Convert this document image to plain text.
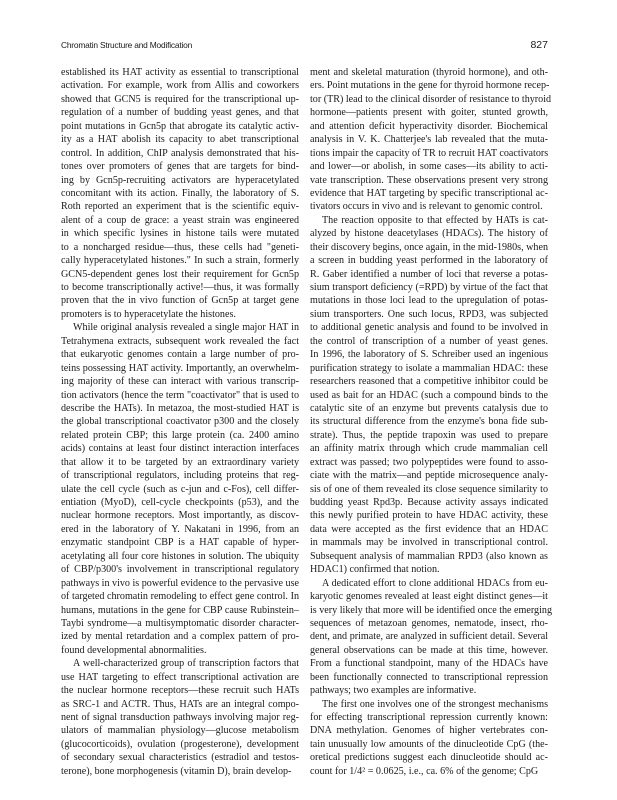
Chromatin Structure and Modification	827
established its HAT activity as essential to transcriptional
activation. For example, work from Allis and coworkers
showed that GCN5 is required for the transcriptional up-
regulation of a number of budding yeast genes, and that
point mutations in Gcn5p that abrogate its catalytic activ-
ity as a HAT abolish its capacity to abet transcriptional
control. In addition, ChIP analysis demonstrated that his-
tones over promoters of genes that are targets for bind-
ing by Gcn5p-recruiting activators are hyperacetylated
concomitant with its action. Finally, the laboratory of S.
Roth reported an experiment that is the scientific equiv-
alent of a coup de grace: a yeast strain was engineered
in which specific lysines in histone tails were mutated
to a noncharged residue—thus, these cells had "geneti-
cally hyperacetylated histones." In such a strain, formerly
GCN5-dependent genes lost their requirement for Gcn5p
to become transcriptionally active!—thus, it was formally
proven that the in vivo function of Gcn5p at target gene
promoters is to hyperacetylate the histones.
While original analysis revealed a single major HAT in
Tetrahymena extracts, subsequent work revealed the fact
that eukaryotic genomes contain a large number of pro-
teins possessing HAT activity. Importantly, an overwhelm-
ing majority of these can interact with various transcrip-
tion activators (hence the term "coactivator" that is used to
describe the HATs). In metazoa, the most-studied HAT is
the global transcriptional coactivator p300 and the closely
related protein CBP; this large protein (ca. 2400 amino
acids) contains at least four distinct interaction interfaces
that allow it to be targeted by an extraordinary variety
of transcriptional regulators, including proteins that reg-
ulate the cell cycle (such as c-jun and c-Fos), cell differ-
entiation (MyoD), cell-cycle checkpoints (p53), and the
nuclear hormone receptors. Most importantly, as discov-
ered in the laboratory of Y. Nakatani in 1996, from an
enzymatic standpoint CBP is a HAT capable of hyper-
acetylating all four core histones in solution. The ubiquity
of CBP/p300's involvement in transcriptional regulatory
pathways in vivo is powerful evidence to the pervasive use
of targeted chromatin remodeling to effect gene control. In
humans, mutations in the gene for CBP cause Rubinstein–
Taybi syndrome—a multisymptomatic disorder character-
ized by mental retardation and a complex pattern of pro-
found developmental abnormalities.
A well-characterized group of transcription factors that
use HAT targeting to effect transcriptional activation are
the nuclear hormone receptors—these recruit such HATs
as SRC-1 and ACTR. Thus, HATs are an integral compo-
nent of signal transduction pathways involving major reg-
ulators of mammalian physiology—glucose metabolism
(glucocorticoids), ovulation (progesterone), development
of secondary sexual characteristics (estradiol and testos-
terone), bone morphogenesis (vitamin D), brain develop-
ment and skeletal maturation (thyroid hormone), and oth-
ers. Point mutations in the gene for thyroid hormone recep-
tor (TR) lead to the clinical disorder of resistance to thyroid
hormone—patients present with goiter, stunted growth,
and attention deficit hyperactivity disorder. Biochemical
analysis in V. K. Chatterjee's lab revealed that the muta-
tions impair the capacity of TR to recruit HAT coactivators
and lower—or abolish, in some cases—its ability to acti-
vate transcription. These observations present very strong
evidence that HAT targeting by specific transcriptional ac-
tivators occurs in vivo and is relevant to genomic control.
The reaction opposite to that effected by HATs is cat-
alyzed by histone deacetylases (HDACs). The history of
their discovery begins, once again, in the mid-1980s, when
a screen in budding yeast performed in the laboratory of
R. Gaber identified a number of loci that reverse a potas-
sium transport deficiency (=RPD) by virtue of the fact that
mutations in those loci lead to the upregulation of potas-
sium transporters. One such locus, RPD3, was subjected
to additional genetic analysis and found to be involved in
the control of transcription of a number of yeast genes.
In 1996, the laboratory of S. Schreiber used an ingenious
purification strategy to isolate a mammalian HDAC: these
researchers reasoned that a competitive inhibitor could be
used as bait for an HDAC (such a compound binds to the
catalytic site of an enzyme but prevents catalysis due to
its structural difference from the enzyme's bona fide sub-
strate). Thus, the peptide trapoxin was used to prepare
an affinity matrix through which crude mammalian cell
extract was passed; two polypeptides were found to asso-
ciate with the matrix—and peptide microsequence analy-
sis of one of them revealed its close sequence similarity to
budding yeast Rpd3p. Because activity assays indicated
this newly purified protein to have HDAC activity, these
data were accepted as the first evidence that an HDAC
in mammals may be involved in transcriptional control.
Subsequent analysis of mammalian RPD3 (also known as
HDAC1) confirmed that notion.
A dedicated effort to clone additional HDACs from eu-
karyotic genomes revealed at least eight distinct genes—it
is very likely that more will be identified once the emerging
sequences of metazoan genomes, nematode, insect, rho-
dent, and primate, are analyzed in sufficient detail. Several
general observations can be made at this time, however.
From a functional standpoint, many of the HDACs have
been functionally connected to transcriptional repression
pathways; two examples are informative.
The first one involves one of the strongest mechanisms
for effecting transcriptional repression currently known:
DNA methylation. Genomes of higher vertebrates con-
tain unusually low amounts of the dinucleotide CpG (the-
oretical predictions suggest each dinucleotide should ac-
count for 1/4² = 0.0625, i.e., ca. 6% of the genome; CpG
